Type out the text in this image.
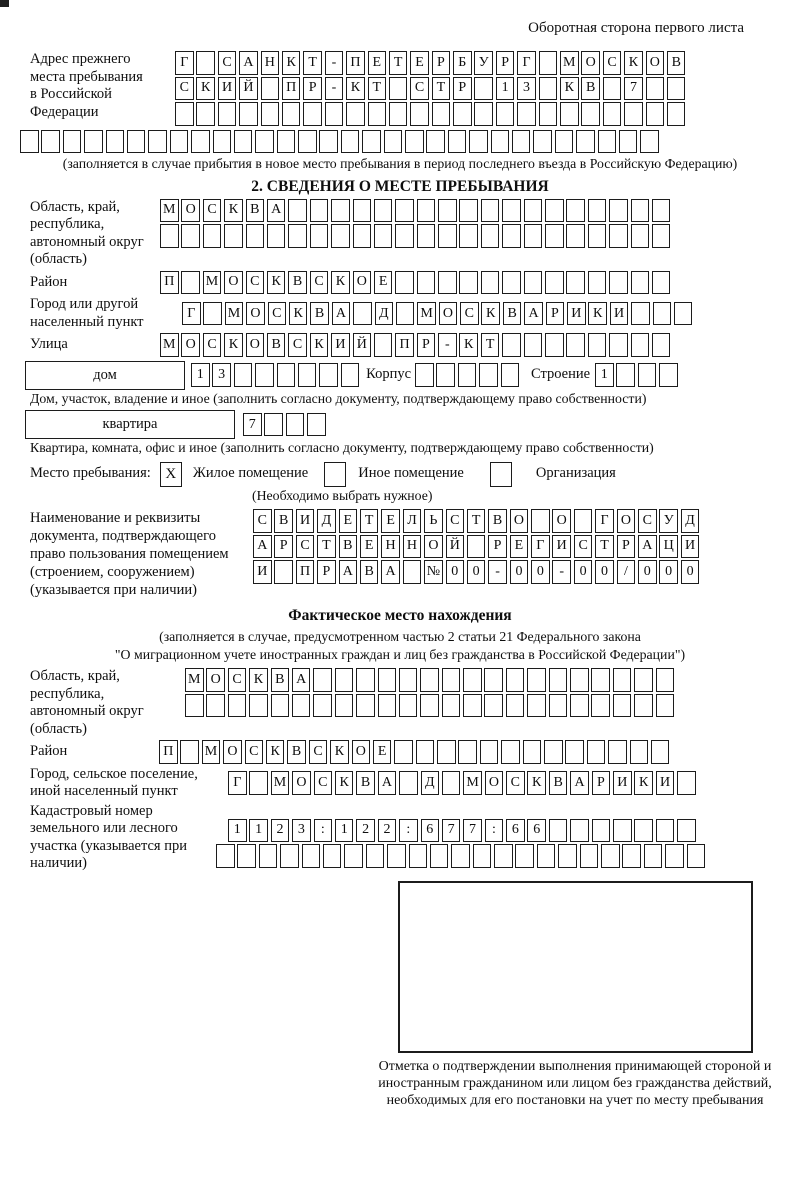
Оборотная сторона первого листа
Адрес прежнего места пребывания в Российской Федерации
Г	С А Н К Т	-	П Е Т Е Р Б У Р Г	М О С К О В
С К И Й П Р	-	К Т	С Т Р	1	3	К В	7
(заполняется в случае прибытия в новое место пребывания в период последнего въезда в Российскую Федерацию)
2. СВЕДЕНИЯ О МЕСТЕ ПРЕБЫВАНИЯ
Область, край, республика, автономный округ (область)
М О С К В А
Район	П М О С К В С К О Е
Город или другой населенный пункт
Г	М О С К В А	Д	М О С К В А Р И К И
Улица	М О С К О В С К И Й П Р	-	К Т
дом	1	3	Корпус	Строение 1
Дом, участок, владение и иное (заполнить согласно документу, подтверждающему право собственности)
квартира	7
Квартира, комната, офис и иное (заполнить согласно документу, подтверждающему право собственности)
Место пребывания: X	Жилое помещение	Иное помещение	Организация
(Необходимо выбрать нужное)
Наименование и реквизиты документа, подтверждающего право пользования помещением (строением, сооружением) (указывается при наличии)
С В И Д Е Т Е Л Ь С Т В О О	Г О С У Д
А Р С Т В Е Н Н О Й	Р Е Г И С Т Р А Ц И
И П Р А В А № 0	0	-	0	0	-	0	0	/	0	0	0
Фактическое место нахождения
(заполняется в случае, предусмотренном частью 2 статьи 21 Федерального закона
"О миграционном учете иностранных граждан и лиц без гражданства в Российской Федерации")
Область, край, республика, автономный округ (область)
М О С К В А
Район	П М О С К В С К О Е
Город, сельское поселение, иной населенный пункт
Г	М О С К В А	Д	М О С К В А Р И К И
Кадастровый номер земельного или лесного участка (указывается при наличии)
1	1	2	3	:	1	2	2	:	6	7	7	:	6	6
Отметка о подтверждении выполнения принимающей стороной и иностранным гражданином или лицом без гражданства действий, необходимых для его постановки на учет по месту пребывания
